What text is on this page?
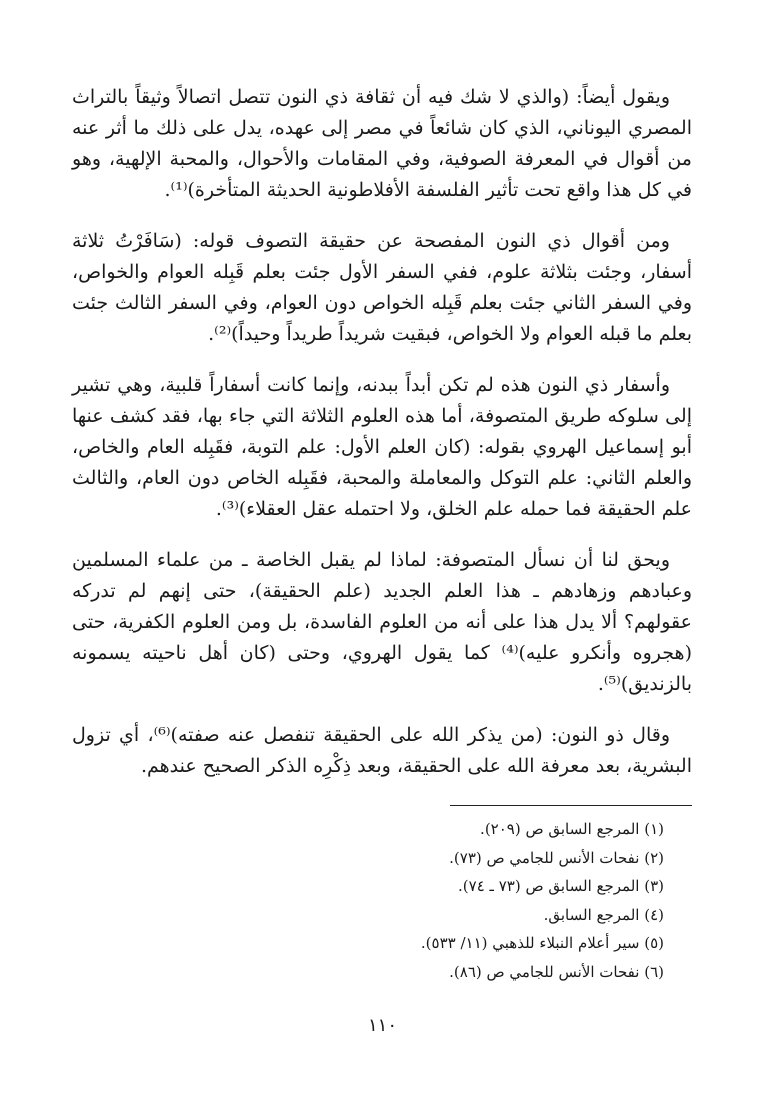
ويقول أيضاً: (والذي لا شك فيه أن ثقافة ذي النون تتصل اتصالاً وثيقاً بالتراث المصري اليوناني، الذي كان شائعاً في مصر إلى عهده، يدل على ذلك ما أثر عنه من أقوال في المعرفة الصوفية، وفي المقامات والأحوال، والمحبة الإلهية، وهو في كل هذا واقع تحت تأثير الفلسفة الأفلاطونية الحديثة المتأخرة)⁽¹⁾.

ومن أقوال ذي النون المفصحة عن حقيقة التصوف قوله: (سَافَرْتُ ثلاثة أسفار، وجئت بثلاثة علوم، ففي السفر الأول جئت بعلم قَبِله العوام والخواص، وفي السفر الثاني جئت بعلم قَبِله الخواص دون العوام، وفي السفر الثالث جئت بعلم ما قبله العوام ولا الخواص، فبقيت شريداً طريداً وحيداً)⁽²⁾.

وأسفار ذي النون هذه لم تكن أبداً ببدنه، وإنما كانت أسفاراً قلبية، وهي تشير إلى سلوكه طريق المتصوفة، أما هذه العلوم الثلاثة التي جاء بها، فقد كشف عنها أبو إسماعيل الهروي بقوله: (كان العلم الأول: علم التوبة، فقَبِله العام والخاص، والعلم الثاني: علم التوكل والمعاملة والمحبة، فقَبِله الخاص دون العام، والثالث علم الحقيقة فما حمله علم الخلق، ولا احتمله عقل العقلاء)⁽³⁾.

ويحق لنا أن نسأل المتصوفة: لماذا لم يقبل الخاصة ـ من علماء المسلمين وعبادهم وزهادهم ـ هذا العلم الجديد (علم الحقيقة)، حتى إنهم لم تدركه عقولهم؟ ألا يدل هذا على أنه من العلوم الفاسدة، بل ومن العلوم الكفرية، حتى (هجروه وأنكرو عليه)⁽⁴⁾ كما يقول الهروي، وحتى (كان أهل ناحيته يسمونه بالزنديق)⁽⁵⁾.

وقال ذو النون: (من يذكر الله على الحقيقة تنفصل عنه صفته)⁽⁶⁾، أي تزول البشرية، بعد معرفة الله على الحقيقة، وبعد ذِكْرِه الذكر الصحيح عندهم.

(١) المرجع السابق ص (٢٠٩).

(٢) نفحات الأنس للجامي ص (٧٣).

(٣) المرجع السابق ص (٧٣ ـ ٧٤).

(٤) المرجع السابق.

(٥) سير أعلام النبلاء للذهبي (١١/ ٥٣٣).

(٦) نفحات الأنس للجامي ص (٨٦).

١١٠
